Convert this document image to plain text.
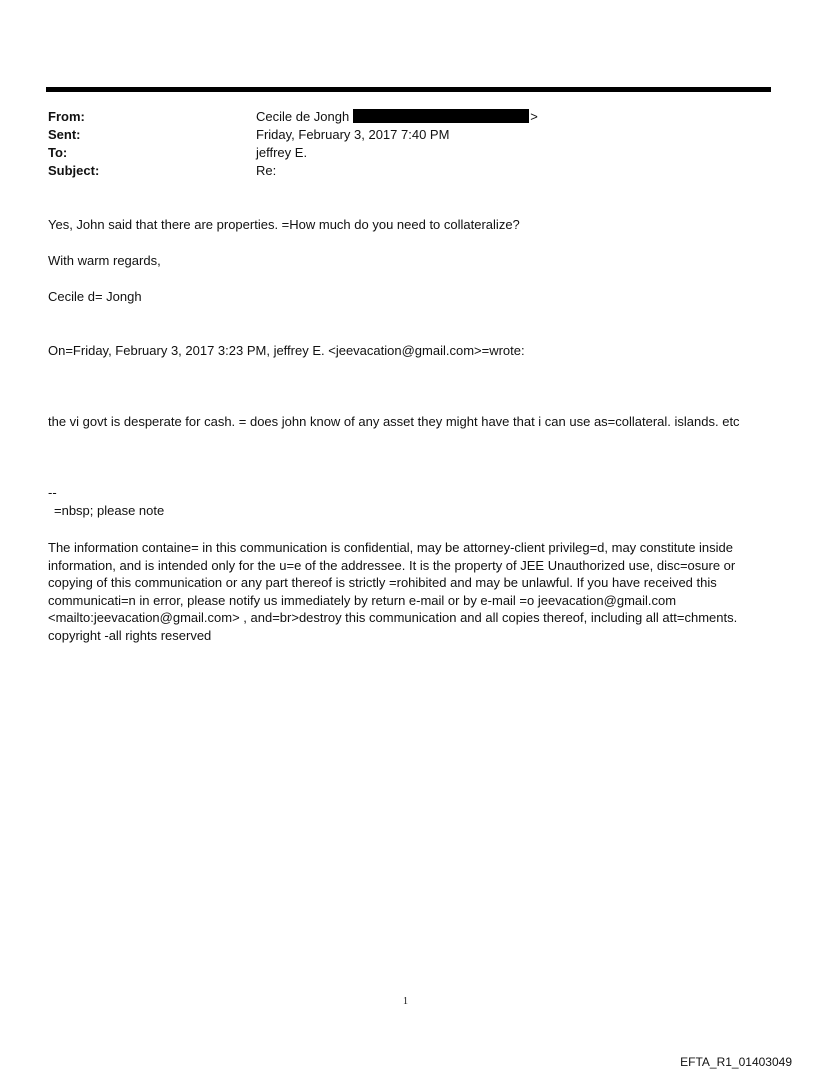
From:	Cecile de Jongh	>
Sent:	Friday, February 3, 2017 7:40 PM
To:	jeffrey E.
Subject:	Re:
Yes, John said that there are properties. =How much do you need to collateralize?
With warm regards,
Cecile d= Jongh
On=Friday, February 3, 2017 3:23 PM, jeffrey E. <jeevacation@gmail.com>=wrote:
the vi govt is desperate for cash. = does john know of any asset they might have that i can use as=collateral. islands. etc
--
=nbsp; please note
The information containe= in this communication is confidential, may be attorney-client privileg=d, may constitute inside information, and is intended only for the u=e of the addressee. It is the property of JEE Unauthorized use, disc=osure or copying of this communication or any part thereof is strictly =rohibited and may be unlawful. If you have received this communicati=n in error, please notify us immediately by return e-mail or by e-mail =o jeevacation@gmail.com <mailto:jeevacation@gmail.com> , and=br>destroy this communication and all copies thereof, including all att=chments. copyright -all rights reserved
1
EFTA_R1_01403049
